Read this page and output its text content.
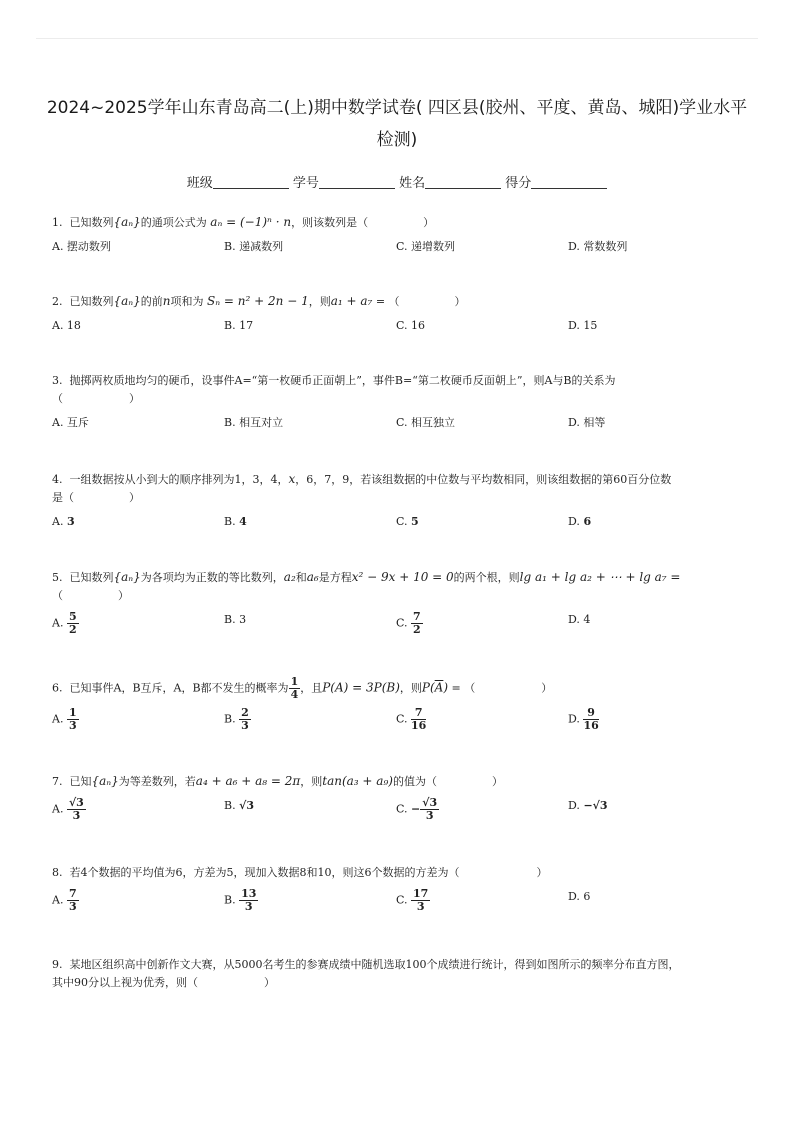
2024~2025学年山东青岛高二(上)期中数学试卷( 四区县(胶州、平度、黄岛、城阳)学业水平检测)
班级	学号	姓名	得分

1. 已知数列{aₙ}的通项公式为 aₙ = (−1)ⁿ · n，则该数列是（　　　　　）

A. 摆动数列	B. 递减数列	C. 递增数列	D. 常数数列

2. 已知数列{aₙ}的前n项和为 Sₙ = n² + 2n − 1，则a₁ + a₇ = （　　　　　）

A. 18	B. 17	C. 16	D. 15

3. 抛掷两枚质地均匀的硬币，设事件A=“第一枚硬币正面朝上”，事件B=“第二枚硬币反面朝上”，则A与B的关系为
（　　　　　　）

A. 互斥	B. 相互对立	C. 相互独立	D. 相等

4. 一组数据按从小到大的顺序排列为1，3，4，x，6，7，9，若该组数据的中位数与平均数相同，则该组数据的第60百分位数
是（　　　　　）

A. 3	B. 4	C. 5	D. 6

5. 已知数列{aₙ}为各项均为正数的等比数列，a₂和a₆是方程x² − 9x + 10 = 0的两个根，则lg a₁ + lg a₂ + ⋯ + lg a₇ =
（　　　　　）

A. $\frac{5}{2}$	B. 3	C. $\frac{7}{2}$	D. 4

6. 已知事件A，B互斥，A，B都不发生的概率为 $\frac{1}{4}$ ，且P(A) = 3P(B)，则$P(\overline{A})$ = （　　　　　　）

A. $\frac{1}{3}$	B. $\frac{2}{3}$	C. $\frac{7}{16}$	D. $\frac{9}{16}$

7. 已知{aₙ}为等差数列，若a₄ + a₆ + a₈ = 2π，则tan(a₃ + a₉)的值为（　　　　　）

A. $\frac{√3}{3}$	B. √3	C. − $\frac{√3}{3}$	D. −√3

8. 若4个数据的平均值为6，方差为5，现加入数据8和10，则这6个数据的方差为（　　　　　　　）

A. $\frac{7}{3}$	B. $\frac{13}{3}$	C. $\frac{17}{3}$	D. 6

9. 某地区组织高中创新作文大赛，从5000名考生的参赛成绩中随机选取100个成绩进行统计，得到如图所示的频率分布直方图，
其中90分以上视为优秀，则（　　　　　　）
